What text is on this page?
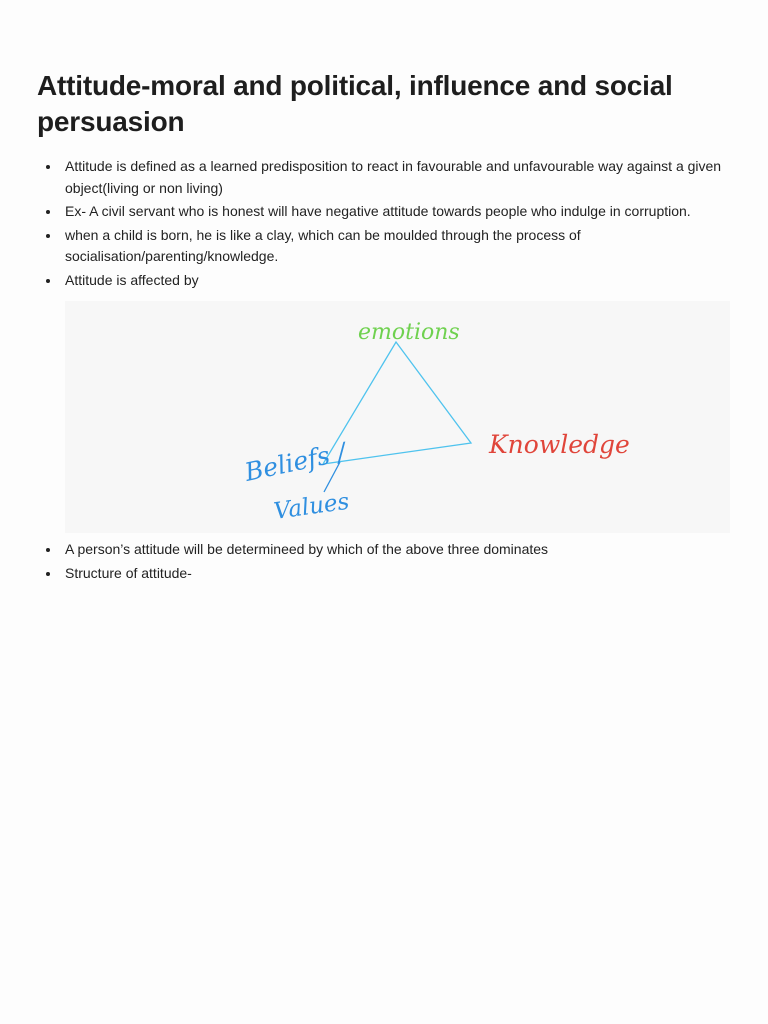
Attitude-moral and political, influence and social persuasion
Attitude is defined as a learned predisposition to react in favourable and unfavourable way against a given object(living or non living)
Ex- A civil servant who is honest will have negative attitude towards people who indulge in corruption.
when a child is born, he is like a clay, which can be moulded through the process of socialisation/parenting/knowledge.
Attitude is affected by
emotions
Knowledge
Beliefs /
Values
A person’s attitude will be determineed by which of the above three dominates
Structure of attitude-
